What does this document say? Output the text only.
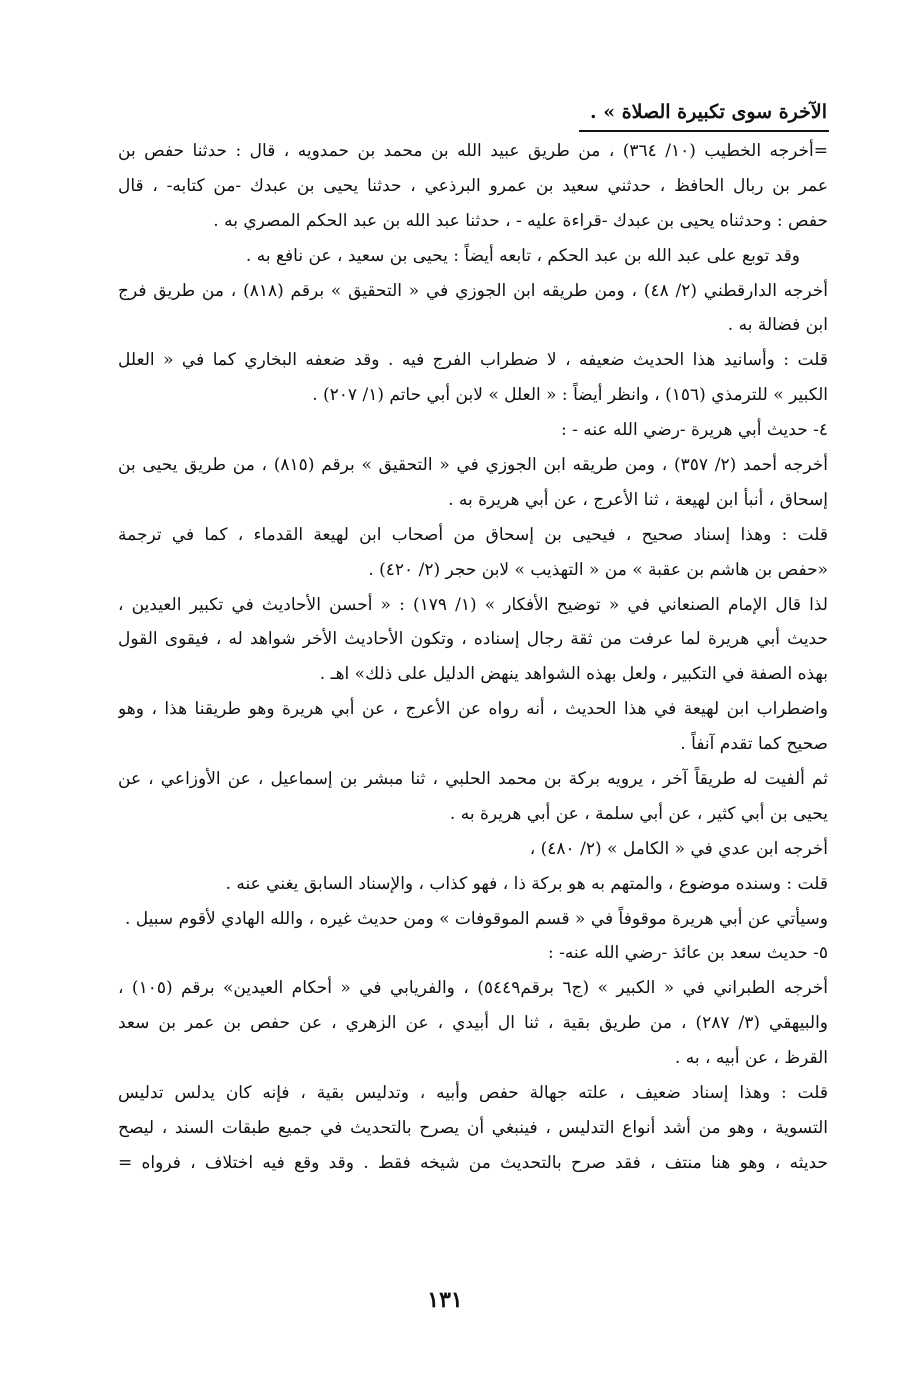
الآخرة سوى تكبيرة الصلاة » .
=أخرجه الخطيب (١٠/ ٣٦٤) ، من طريق عبيد الله بن محمد بن حمدويه ، قال : حدثنا حفص بن
عمر بن ربال الحافظ ، حدثني سعيد بن عمرو البرذعي ، حدثنا يحيى بن عبدك -من كتابه- ، قال
حفص : وحدثناه يحيى بن عبدك -قراءة عليه - ، حدثنا عبد الله بن عبد الحكم المصري به .
وقد توبع على عبد الله بن عبد الحكم ، تابعه أيضاً : يحيى بن سعيد ، عن نافع به .
أخرجه الدارقطني (٢/ ٤٨) ، ومن طريقه ابن الجوزي في « التحقيق » برقم (٨١٨) ، من طريق فرج
ابن فضالة به .
قلت : وأسانيد هذا الحديث ضعيفه ، لا ضطراب الفرج فيه . وقد ضعفه البخاري كما في « العلل
الكبير » للترمذي (١٥٦) ، وانظر أيضاً : « العلل » لابن أبي حاتم (١/ ٢٠٧) .
٤- حديث أبي هريرة -رضي الله عنه - :
أخرجه أحمد (٢/ ٣٥٧) ، ومن طريقه ابن الجوزي في « التحقيق » برقم (٨١٥) ، من طريق يحيى بن
إسحاق ، أنبأ ابن لهيعة ، ثنا الأعرج ، عن أبي هريرة به .
قلت : وهذا إسناد صحيح ، فيحيى بن إسحاق من أصحاب ابن لهيعة القدماء ، كما في ترجمة
«حفص بن هاشم بن عقبة » من « التهذيب » لابن حجر (٢/ ٤٢٠) .
لذا قال الإمام الصنعاني في « توضيح الأفكار » (١/ ١٧٩) : « أحسن الأحاديث في تكبير العيدين ،
حديث أبي هريرة لما عرفت من ثقة رجال إسناده ، وتكون الأحاديث الأخر شواهد له ، فيقوى القول
بهذه الصفة في التكبير ، ولعل بهذه الشواهد ينهض الدليل على ذلك» اهـ .
واضطراب ابن لهيعة في هذا الحديث ، أنه رواه عن الأعرج ، عن أبي هريرة وهو طريقنا هذا ، وهو
صحيح كما تقدم آنفاً .
ثم ألفيت له طريقاً آخر ، يرويه بركة بن محمد الحلبي ، ثنا مبشر بن إسماعيل ، عن الأوزاعي ، عن
يحيى بن أبي كثير ، عن أبي سلمة ، عن أبي هريرة به .
أخرجه ابن عدي في « الكامل » (٢/ ٤٨٠) ،
قلت : وسنده موضوع ، والمتهم به هو بركة ذا ، فهو كذاب ، والإسناد السابق يغني عنه .
وسيأتي عن أبي هريرة موقوفاً في « قسم الموقوفات » ومن حديث غيره ، والله الهادي لأقوم سبيل .
٥- حديث سعد بن عائذ -رضي الله عنه- :
أخرجه الطبراني في « الكبير » (ج٦ برقم٥٤٤٩) ، والفريابي في « أحكام العيدين» برقم (١٠٥) ،
والبيهقي (٣/ ٢٨٧) ، من طريق بقية ، ثنا ال أبيدي ، عن الزهري ، عن حفص بن عمر بن سعد
القرظ ، عن أبيه ، به .
قلت : وهذا إسناد ضعيف ، علته جهالة حفص وأبيه ، وتدليس بقية ، فإنه كان يدلس تدليس
التسوية ، وهو من أشد أنواع التدليس ، فينبغي أن يصرح بالتحديث في جميع طبقات السند ، ليصح
حديثه ، وهو هنا منتف ، فقد صرح بالتحديث من شيخه فقط . وقد وقع فيه اختلاف ، فرواه =
١٣١
